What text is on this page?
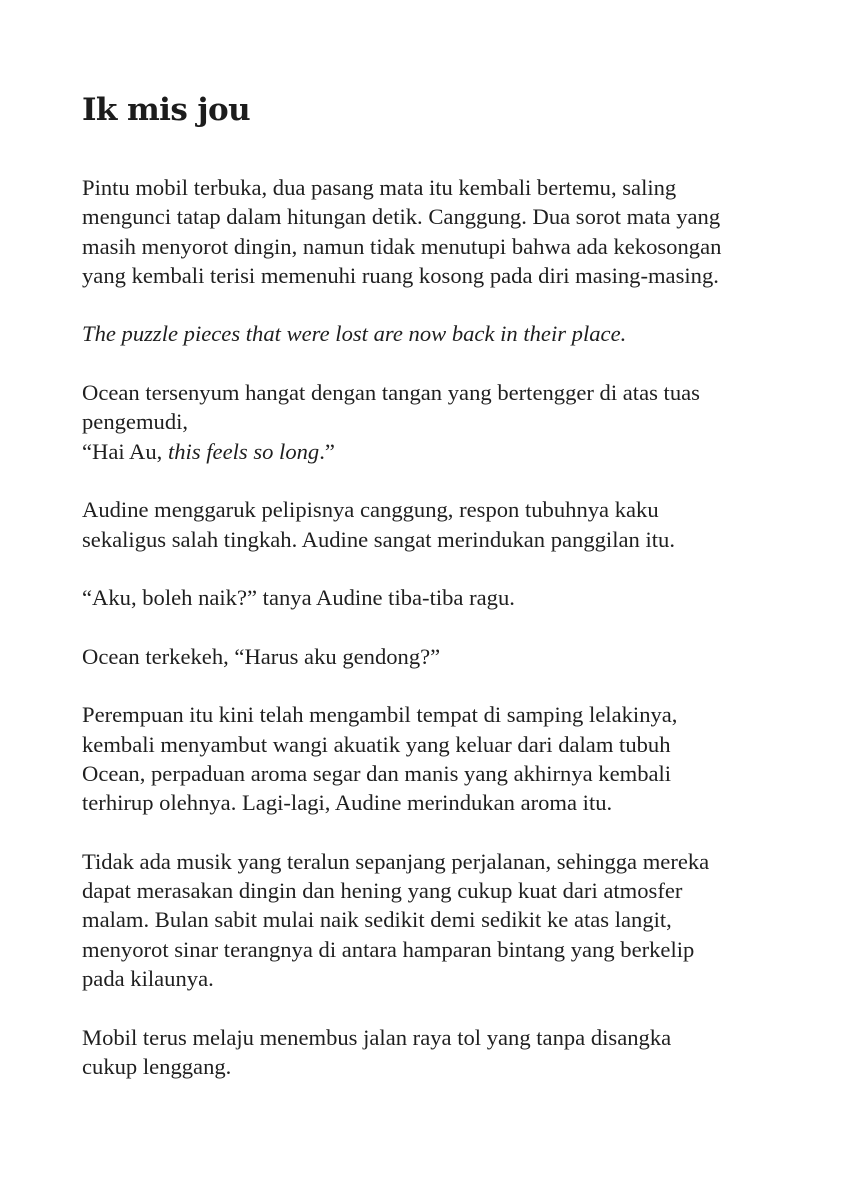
Ik mis jou

Pintu mobil terbuka, dua pasang mata itu kembali bertemu, saling
mengunci tatap dalam hitungan detik. Canggung. Dua sorot mata yang
masih menyorot dingin, namun tidak menutupi bahwa ada kekosongan
yang kembali terisi memenuhi ruang kosong pada diri masing-masing.

The puzzle pieces that were lost are now back in their place.

Ocean tersenyum hangat dengan tangan yang bertengger di atas tuas
pengemudi,
“Hai Au, this feels so long.”

Audine menggaruk pelipisnya canggung, respon tubuhnya kaku
sekaligus salah tingkah. Audine sangat merindukan panggilan itu.

“Aku, boleh naik?” tanya Audine tiba-tiba ragu.

Ocean terkekeh, “Harus aku gendong?”

Perempuan itu kini telah mengambil tempat di samping lelakinya,
kembali menyambut wangi akuatik yang keluar dari dalam tubuh
Ocean, perpaduan aroma segar dan manis yang akhirnya kembali
terhirup olehnya. Lagi-lagi, Audine merindukan aroma itu.

Tidak ada musik yang teralun sepanjang perjalanan, sehingga mereka
dapat merasakan dingin dan hening yang cukup kuat dari atmosfer
malam. Bulan sabit mulai naik sedikit demi sedikit ke atas langit,
menyorot sinar terangnya di antara hamparan bintang yang berkelip
pada kilaunya.

Mobil terus melaju menembus jalan raya tol yang tanpa disangka
cukup lenggang.
